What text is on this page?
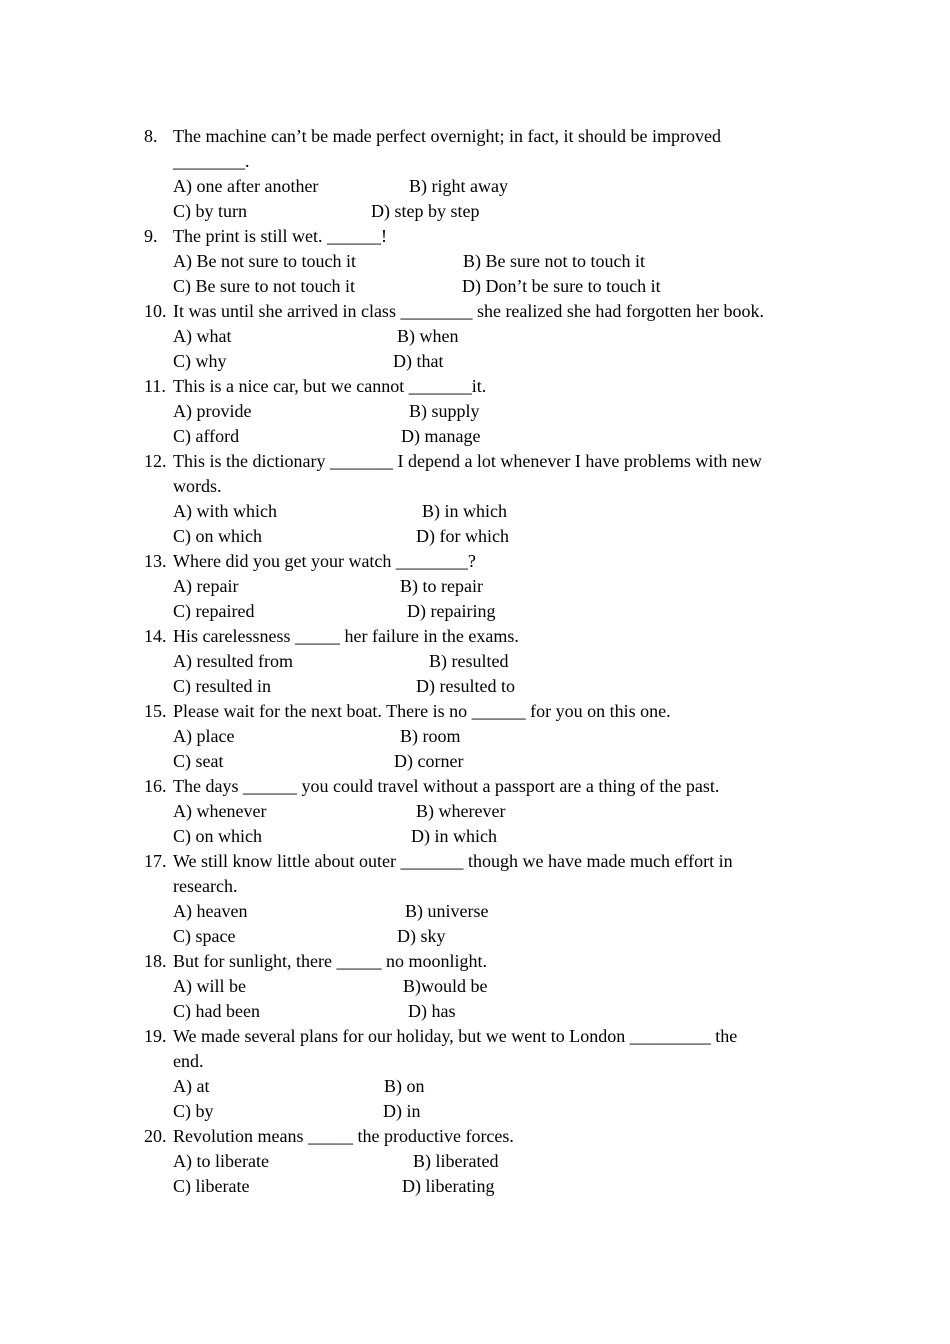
8. The machine can’t be made perfect overnight; in fact, it should be improved
________.
A) one after another	B) right away
C) by turn	D) step by step
9. The print is still wet. ______!
A) Be not sure to touch it	B) Be sure not to touch it
C) Be sure to not touch it	D) Don’t be sure to touch it
10. It was until she arrived in class ________ she realized she had forgotten her book.
A) what	B) when
C) why	D) that
11. This is a nice car, but we cannot _______it.
A) provide	B) supply
C) afford	D) manage
12. This is the dictionary _______ I depend a lot whenever I have problems with new
words.
A) with which	B) in which
C) on which	D) for which
13. Where did you get your watch ________?
A) repair	B) to repair
C) repaired	D) repairing
14. His carelessness _____ her failure in the exams.
A) resulted from	B) resulted
C) resulted in	D) resulted to
15. Please wait for the next boat. There is no ______ for you on this one.
A) place	B) room
C) seat	D) corner
16. The days ______ you could travel without a passport are a thing of the past.
A) whenever	B) wherever
C) on which	D) in which
17. We still know little about outer _______ though we have made much effort in
research.
A) heaven	B) universe
C) space	D) sky
18. But for sunlight, there _____ no moonlight.
A) will be	B)would be
C) had been	D) has
19. We made several plans for our holiday, but we went to London _________ the
end.
A) at	B) on
C) by	D) in
20. Revolution means _____ the productive forces.
A) to liberate	B) liberated
C) liberate	D) liberating
